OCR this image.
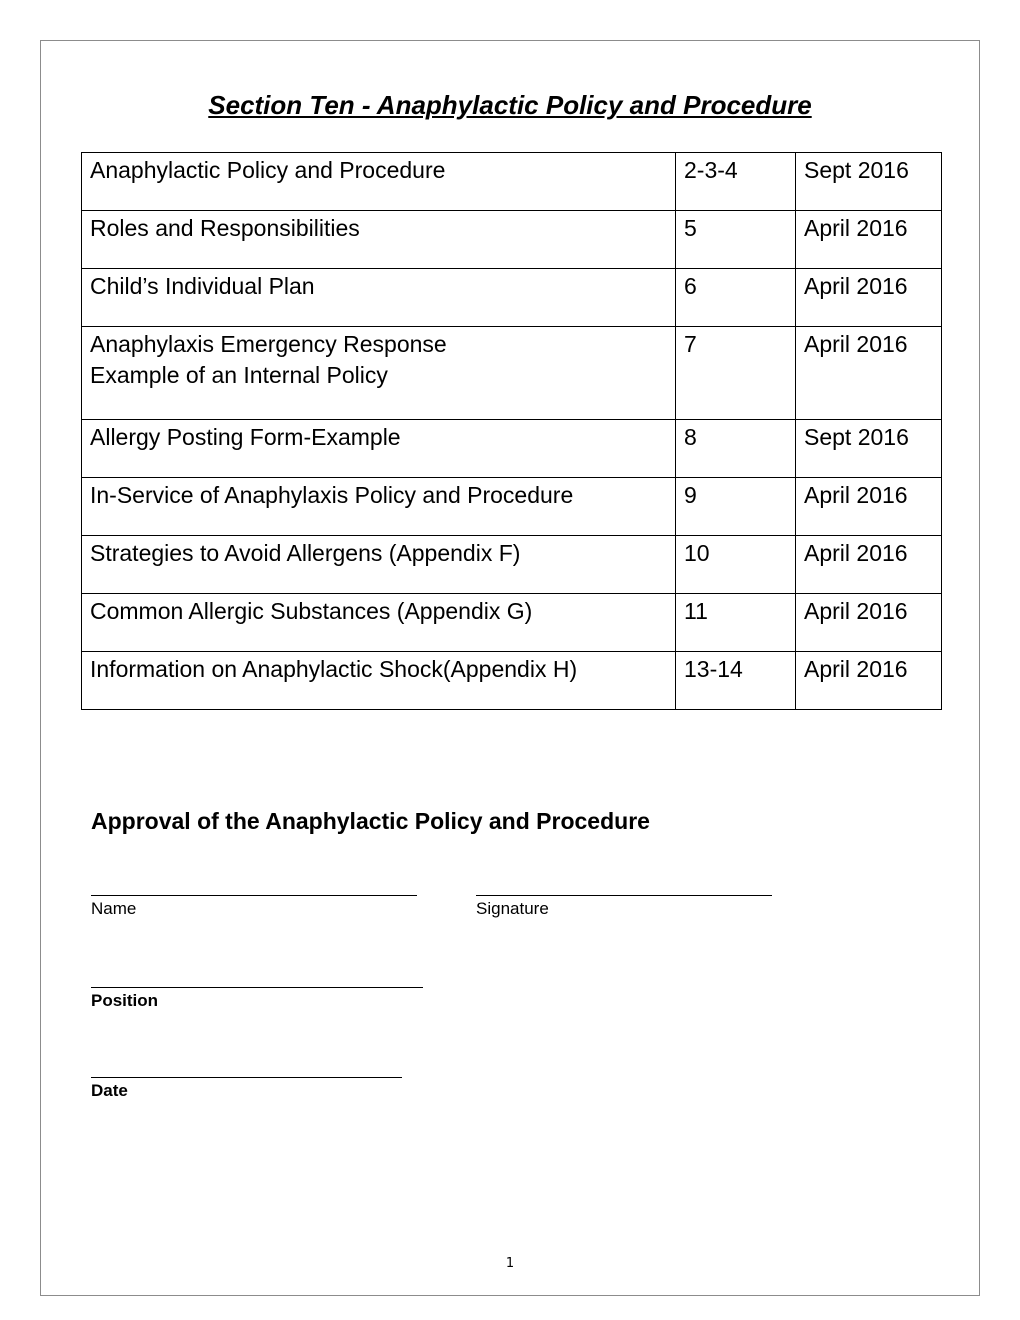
Section Ten - Anaphylactic Policy and Procedure
Anaphylactic Policy and Procedure	2-3-4	Sept 2016
Roles and Responsibilities	5	April 2016
Child’s Individual Plan	6	April 2016

Anaphylaxis Emergency Response
Example of an Internal Policy	7	April 2016
Allergy Posting Form-Example	8	Sept 2016
In-Service of Anaphylaxis Policy and Procedure	9	April 2016
Strategies to Avoid Allergens (Appendix F)	10	April 2016
Common Allergic Substances (Appendix G)	11	April 2016
Information on Anaphylactic Shock(Appendix H)	13-14	April 2016
Approval of the Anaphylactic Policy and Procedure
Name	Signature
Position
Date
1
